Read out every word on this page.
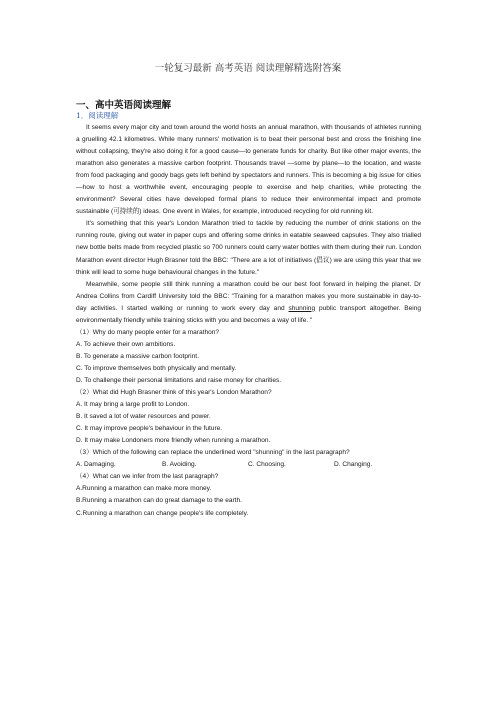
一轮复习最新 高考英语 阅读理解精选附答案
一、高中英语阅读理解
1．阅读理解

It seems every major city and town around the world hosts an annual marathon, with thousands of athletes running a gruelling 42.1 kilometres. While many runners' motivation is to beat their personal best and cross the finishing line without collapsing, they're also doing it for a good cause—to generate funds for charity. But like other major events, the marathon also generates a massive carbon footprint. Thousands travel —some by plane—to the location, and waste from food packaging and goody bags gets left behind by spectators and runners. This is becoming a big issue for cities—how to host a worthwhile event, encouraging people to exercise and help charities, while protecting the environment? Several cities have developed formal plans to reduce their environmental impact and promote sustainable (可持续的) ideas. One event in Wales, for example, introduced recycling for old running kit.

It's something that this year's London Marathon tried to tackle by reducing the number of drink stations on the running route, giving out water in paper cups and offering some drinks in eatable seaweed capsules. They also trialled new bottle belts made from recycled plastic so 700 runners could carry water bottles with them during their run. London Marathon event director Hugh Brasner told the BBC: "There are a lot of initiatives (倡议) we are using this year that we think will lead to some huge behavioural changes in the future."

Meanwhile, some people still think running a marathon could be our best foot forward in helping the planet. Dr Andrea Collins from Cardiff University told the BBC: "Training for a marathon makes you more sustainable in day-to-day activities. I started walking or running to work every day and shunning public transport altogether. Being environmentally friendly while training sticks with you and becomes a way of life. "

（1）Why do many people enter for a marathon?
A. To achieve their own ambitions.
B. To generate a massive carbon footprint.
C. To improve themselves both physically and mentally.
D. To challenge their personal limitations and raise money for charities.
（2）What did Hugh Brasner think of this year's London Marathon?
A. It may bring a large profit to London.
B. It saved a lot of water resources and power.
C. It may improve people's behaviour in the future.
D. It may make Londoners more friendly when running a marathon.
（3）Which of the following can replace the underlined word "shunning" in the last paragraph?
A. Damaging.	B. Avoiding.	C. Choosing.	D. Changing.
（4）What can we infer from the last paragraph?
A.Running a marathon can make more money.
B.Running a marathon can do great damage to the earth.
C.Running a marathon can change people's life completely.
